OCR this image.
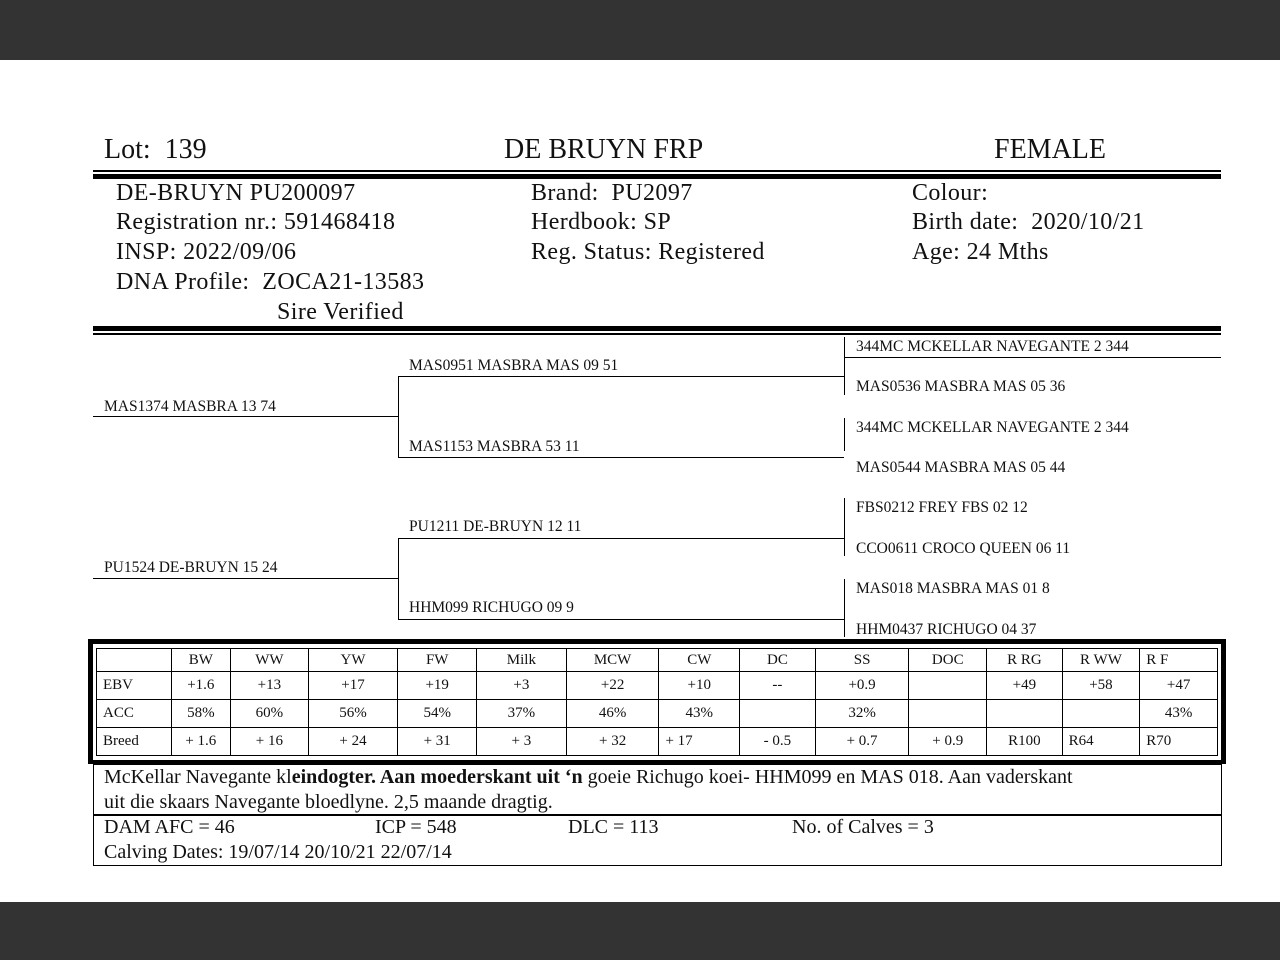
Lot: 139	DE BRUYN FRP	FEMALE
DE-BRUYN PU200097
Registration nr.: 591468418
INSP: 2022/09/06
DNA Profile: ZOCA21-13583
Sire Verified
Brand: PU2097
Herdbook: SP
Reg. Status: Registered
Colour:
Birth date: 2020/10/21
Age: 24 Mths
MAS1374 MASBRA 13 74
PU1524 DE-BRUYN 15 24
MAS0951 MASBRA MAS 09 51
MAS1153 MASBRA 53 11
PU1211 DE-BRUYN 12 11
HHM099 RICHUGO 09 9
344MC MCKELLAR NAVEGANTE 2 344
MAS0536 MASBRA MAS 05 36
344MC MCKELLAR NAVEGANTE 2 344
MAS0544 MASBRA MAS 05 44
FBS0212 FREY FBS 02 12
CCO0611 CROCO QUEEN 06 11
MAS018 MASBRA MAS 01 8
HHM0437 RICHUGO 04 37
	BW	WW	YW	FW	Milk	MCW	CW	DC	SS	DOC	R RG	R WW	R F
EBV	+1.6	+13	+17	+19	+3	+22	+10	--	+0.9		+49	+58	+47
ACC	58%	60%	56%	54%	37%	46%	43%		32%				43%
Breed	+ 1.6	+ 16	+ 24	+ 31	+ 3	+ 32	+ 17	- 0.5	+ 0.7	+ 0.9	R100	R64	R70
McKellar Navegante kleindogter. Aan moederskant uit ‘n goeie Richugo koei- HHM099 en MAS 018. Aan vaderskant
uit die skaars Navegante bloedlyne. 2,5 maande dragtig.
DAM AFC = 46	ICP = 548	DLC = 113	No. of Calves = 3
Calving Dates: 19/07/14 20/10/21 22/07/14
